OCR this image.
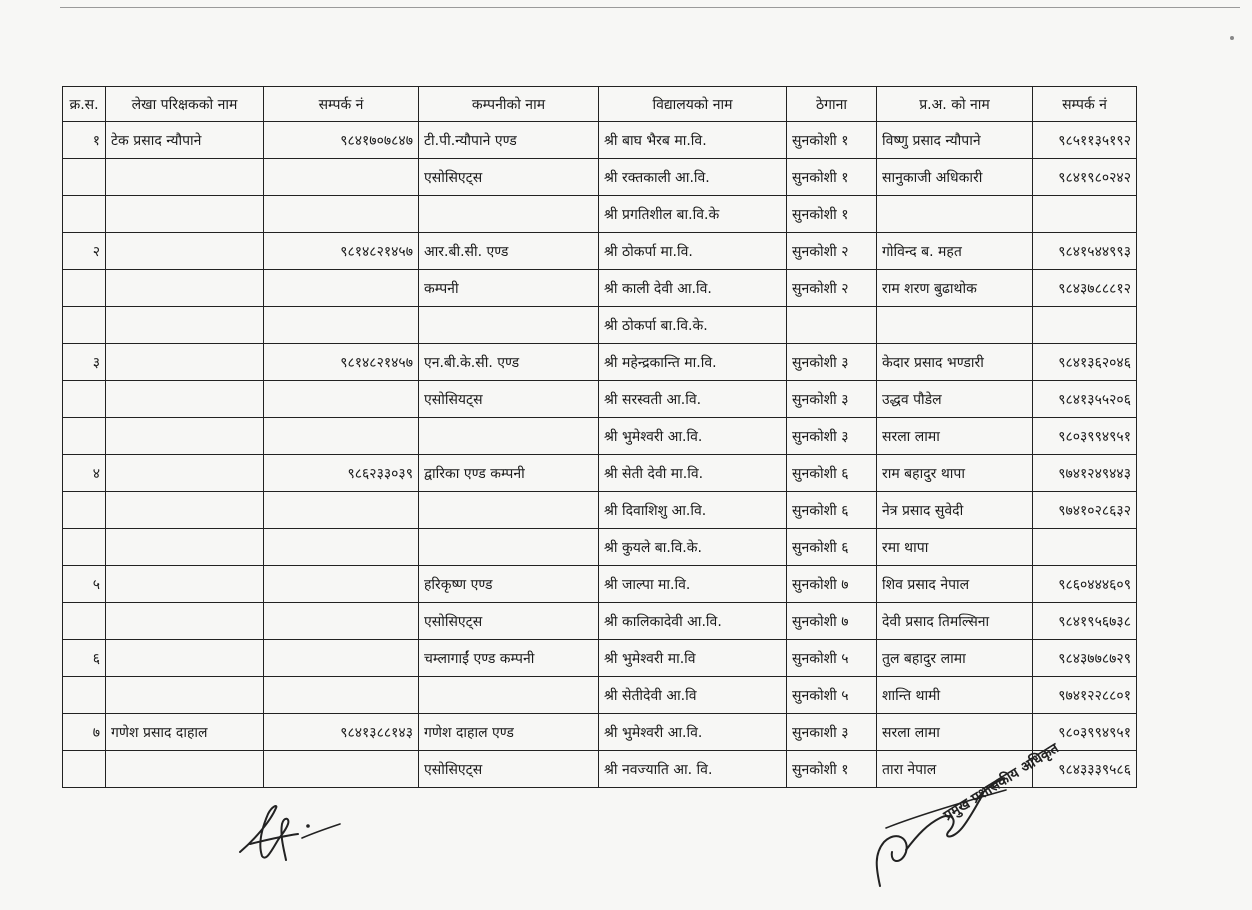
क्र.स.	लेखा परिक्षकको नाम	सम्पर्क नं	कम्पनीको नाम	विद्यालयको नाम	ठेगाना	प्र.अ. को नाम	सम्पर्क नं
१	टेक प्रसाद न्यौपाने	९८४१७०७८४७	टी.पी.न्यौपाने एण्ड	श्री बाघ भैरब मा.वि.	सुनकोशी १	विष्णु प्रसाद न्यौपाने	९८५११३५१९२
			एसोसिएट्स	श्री रक्तकाली आ.वि.	सुनकोशी १	सानुकाजी अधिकारी	९८४१९८०२४२
				श्री प्रगतिशील बा.वि.के	सुनकोशी १		
२		९८१४८२१४५७	आर.बी.सी. एण्ड	श्री ठोकर्पा मा.वि.	सुनकोशी २	गोविन्द ब. महत	९८४१५४४९९३
			कम्पनी	श्री काली देवी आ.वि.	सुनकोशी २	राम शरण बुढाथोक	९८४३७८८८१२
				श्री ठोकर्पा बा.वि.के.			
३		९८१४८२१४५७	एन.बी.के.सी. एण्ड	श्री महेन्द्रकान्ति मा.वि.	सुनकोशी ३	केदार प्रसाद भण्डारी	९८४१३६२०४६
			एसोसियट्स	श्री सरस्वती आ.वि.	सुनकोशी ३	उद्धव पौडेल	९८४१३५५२०६
				श्री भुमेश्वरी आ.वि.	सुनकोशी ३	सरला लामा	९८०३९९४९५१
४		९८६२३३०३९	द्वारिका एण्ड कम्पनी	श्री सेती देवी मा.वि.	सुनकोशी ६	राम बहादुर थापा	९७४१२४९४४३
				श्री दिवाशिशु आ.वि.	सुनकोशी ६	नेत्र प्रसाद सुवेदी	९७४१०२८६३२
				श्री कुयले बा.वि.के.	सुनकोशी ६	रमा थापा	
५			हरिकृष्ण एण्ड	श्री जाल्पा मा.वि.	सुनकोशी ७	शिव प्रसाद नेपाल	९८६०४४४६०९
			एसोसिएट्स	श्री कालिकादेवी आ.वि.	सुनकोशी ७	देवी प्रसाद तिमल्सिना	९८४१९५६७३८
६			चम्लागाईं एण्ड कम्पनी	श्री भुमेश्वरी मा.वि	सुनकोशी ५	तुल बहादुर लामा	९८४३७७८७२९
				श्री सेतीदेवी आ.वि	सुनकोशी ५	शान्ति थामी	९७४१२२८८०१
७	गणेश प्रसाद दाहाल	९८४१३८८१४३	गणेश दाहाल एण्ड	श्री भुमेश्वरी आ.वि.	सुनकाशी ३	सरला लामा	९८०३९९४९५१
			एसोसिएट्स	श्री नवज्याति आ. वि.	सुनकोशी १	तारा नेपाल	९८४३३३९५८६
प्रमुख प्रशासकीय अधिकृत
